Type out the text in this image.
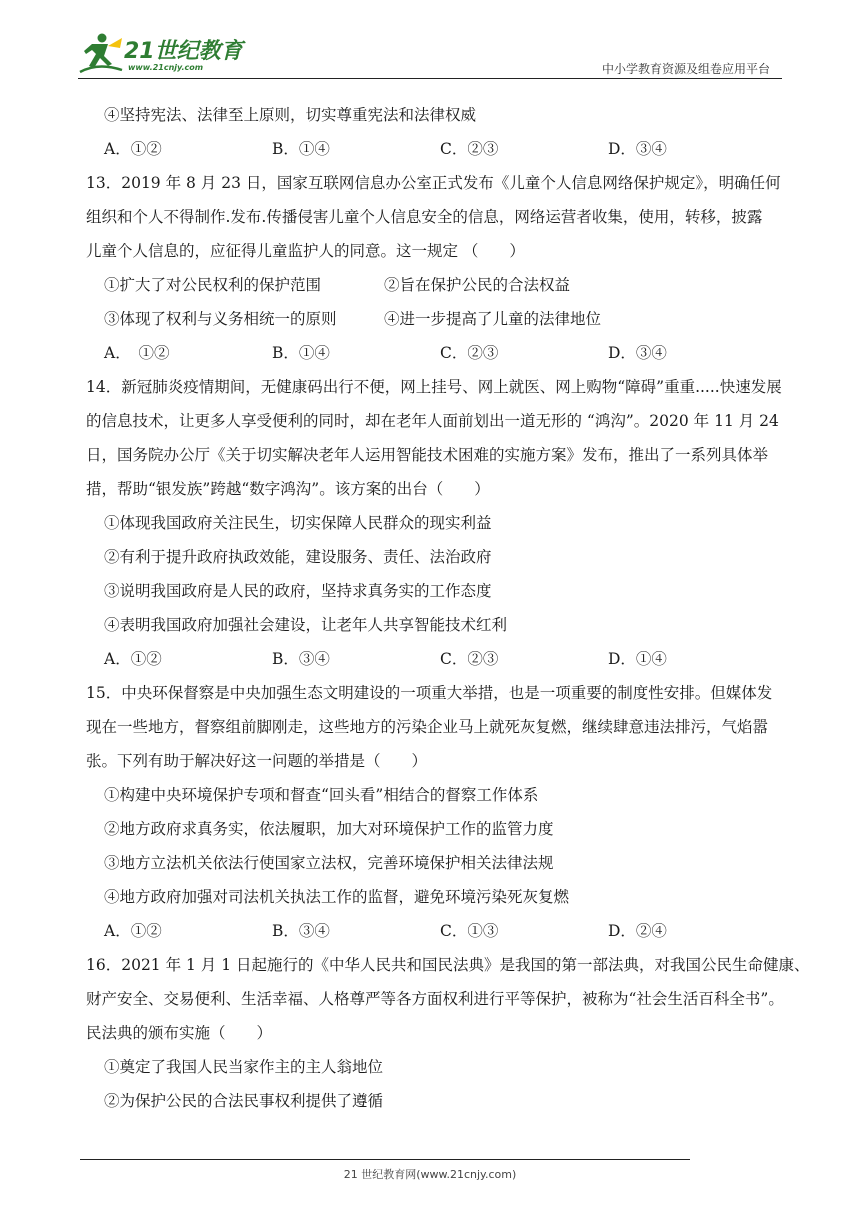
21世纪教育
www.21cnjy.com	中小学教育资源及组卷应用平台
④坚持宪法、法律至上原则，切实尊重宪法和法律权威
A．①②	B．①④	C．②③	D．③④
13．2019 年 8 月 23 日，国家互联网信息办公室正式发布《儿童个人信息网络保护规定》，明确任何
组织和个人不得制作.发布.传播侵害儿童个人信息安全的信息，网络运营者收集，使用，转移，披露
儿童个人信息的，应征得儿童监护人的同意。这一规定 （　　）
①扩大了对公民权利的保护范围	②旨在保护公民的合法权益
③体现了权利与义务相统一的原则	④进一步提高了儿童的法律地位
A．　①②	B．①④	C．②③	D．③④
14．新冠肺炎疫情期间，无健康码出行不便，网上挂号、网上就医、网上购物“障碍”重重.....快速发展
的信息技术，让更多人享受便利的同时，却在老年人面前划出一道无形的 “鸿沟”。2020 年 11 月 24
日，国务院办公厅《关于切实解决老年人运用智能技术困难的实施方案》发布，推出了一系列具体举
措，帮助“银发族”跨越“数字鸿沟”。该方案的出台（　　）
①体现我国政府关注民生，切实保障人民群众的现实利益
②有利于提升政府执政效能，建设服务、责任、法治政府
③说明我国政府是人民的政府，坚持求真务实的工作态度
④表明我国政府加强社会建设，让老年人共享智能技术红利
A．①②	B．③④	C．②③	D．①④
15．中央环保督察是中央加强生态文明建设的一项重大举措，也是一项重要的制度性安排。但媒体发
现在一些地方，督察组前脚刚走，这些地方的污染企业马上就死灰复燃，继续肆意违法排污，气焰嚣
张。下列有助于解决好这一问题的举措是（　　）
①构建中央环境保护专项和督查“回头看”相结合的督察工作体系
②地方政府求真务实，依法履职，加大对环境保护工作的监管力度
③地方立法机关依法行使国家立法权，完善环境保护相关法律法规
④地方政府加强对司法机关执法工作的监督，避免环境污染死灰复燃
A．①②	B．③④	C．①③	D．②④
16．2021 年 1 月 1 日起施行的《中华人民共和国民法典》是我国的第一部法典，对我国公民生命健康、
财产安全、交易便利、生活幸福、人格尊严等各方面权利进行平等保护，被称为“社会生活百科全书”。
民法典的颁布实施（　　）
①奠定了我国人民当家作主的主人翁地位
②为保护公民的合法民事权利提供了遵循
21 世纪教育网(www.21cnjy.com)
